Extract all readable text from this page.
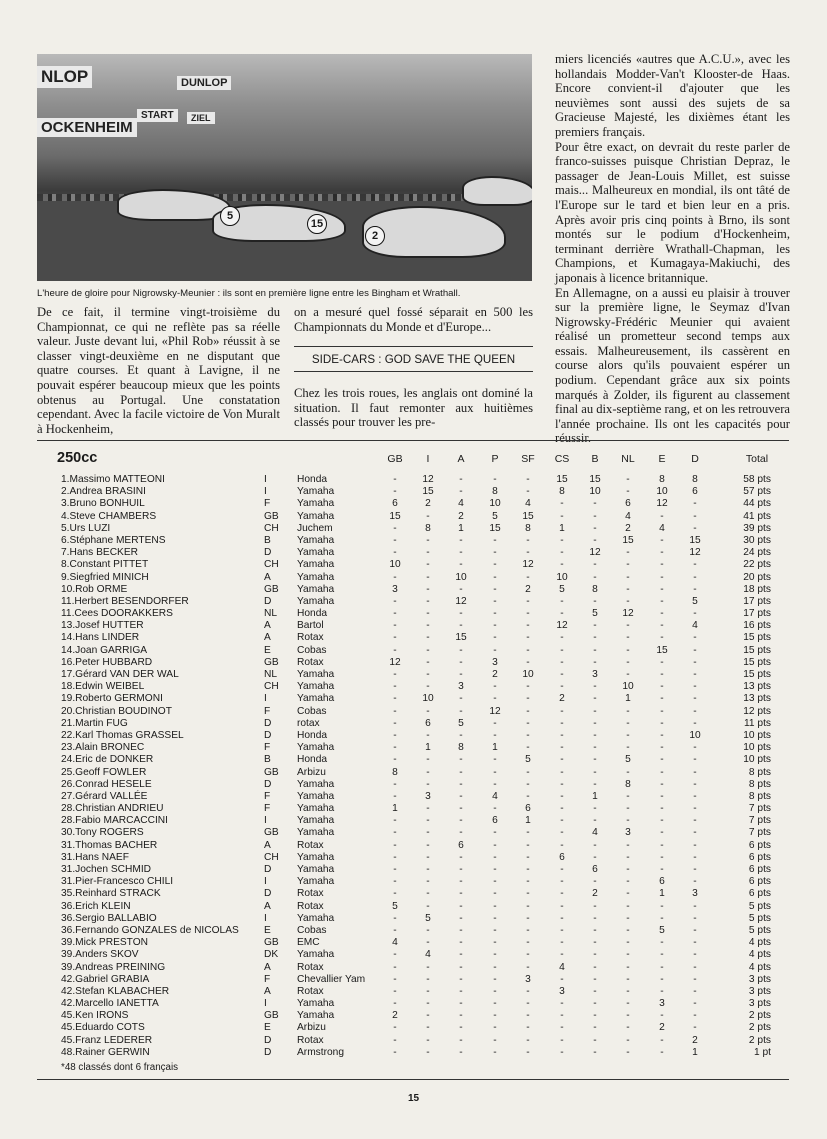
NLOP	DUNLOP
START	ZIEL
OCKENHEIM
5
15
2
L'heure de gloire pour Nigrowsky-Meunier : ils sont en première ligne entre les Bingham et Wrathall.

De ce fait, il termine vingt-troisième du Championnat, ce qui ne reflète pas sa réelle valeur. Juste devant lui, «Phil Rob» réussit à se classer vingt-deuxième en ne disputant que quatre courses. Et quant à Lavigne, il ne pouvait espérer beaucoup mieux que les points obtenus au Portugal. Une constatation cependant. Avec la facile victoire de Von Muralt à Hockenheim,

on a mesuré quel fossé séparait en 500 les Championnats du Monde et d'Europe...

SIDE-CARS : GOD SAVE THE QUEEN

Chez les trois roues, les anglais ont dominé la situation. Il faut remonter aux huitièmes classés pour trouver les pre-

miers licenciés «autres que A.C.U.», avec les hollandais Modder-Van't Klooster-de Haas. Encore convient-il d'ajouter que les neuvièmes sont aussi des sujets de sa Gracieuse Majesté, les dixièmes étant les premiers français.

Pour être exact, on devrait du reste parler de franco-suisses puisque Christian Depraz, le passager de Jean-Louis Millet, est suisse mais... Malheureux en mondial, ils ont tâté de l'Europe sur le tard et bien leur en a pris. Après avoir pris cinq points à Brno, ils sont montés sur le podium d'Hockenheim, terminant derrière Wrathall-Chapman, les Champions, et Kumagaya-Makiuchi, des japonais à licence britannique.

En Allemagne, on a aussi eu plaisir à trouver sur la première ligne, le Seymaz d'Ivan Nigrowsky-Frédéric Meunier qui avaient réalisé un prometteur second temps aux essais. Malheureusement, ils cassèrent en course alors qu'ils pouvaient espérer un podium. Cependant grâce aux six points marqués à Zolder, ils figurent au classement final au dix-septième rang, et on les retrouvera l'année prochaine. Ils ont les capacités pour réussir.

250cc	GB	I	A	P	SF	CS	B	NL	E	D	Total
1.Massimo MATTEONI	I	Honda	-	12	-	-	-	15	15	-	8	8	58 pts
2.Andrea BRASINI	I	Yamaha	-	15	-	8	-	8	10	-	10	6	57 pts
3.Bruno BONHUIL	F	Yamaha	6	2	4	10	4	-	-	6	12	-	44 pts
4.Steve CHAMBERS	GB Yamaha	15	-	2	5	15	-	-	4	-	-	41 pts
5.Urs LUZI	CH Juchem	-	8	1	15	8	1	-	2	4	-	39 pts
6.Stéphane MERTENS	B	Yamaha	-	-	-	-	-	-	-	15	-	15	30 pts
7.Hans BECKER	D	Yamaha	-	-	-	-	-	-	12	-	-	12	24 pts
8.Constant PITTET	CH Yamaha	10	-	-	-	12	-	-	-	-	-	22 pts
9.Siegfried MINICH	A	Yamaha	-	-	10	-	-	10	-	-	-	-	20 pts
10.Rob ORME	GB Yamaha	3	-	-	-	2	5	8	-	-	-	18 pts
11.Herbert BESENDORFER	D	Yamaha	-	-	12	-	-	-	-	-	-	5	17 pts
11.Cees DOORAKKERS	NL Honda	-	-	-	-	-	-	5	12	-	-	17 pts
13.Josef HUTTER	A	Bartol	-	-	-	-	-	12	-	-	-	4	16 pts
14.Hans LINDER	A	Rotax	-	-	15	-	-	-	-	-	-	-	15 pts
14.Joan GARRIGA	E	Cobas	-	-	-	-	-	-	-	-	15	-	15 pts
16.Peter HUBBARD	GB Rotax	12	-	-	3	-	-	-	-	-	-	15 pts
17.Gérard VAN DER WAL	NL Yamaha	-	-	-	2	10	-	3	-	-	-	15 pts
18.Edwin WEIBEL	CH Yamaha	-	-	3	-	-	-	-	10	-	-	13 pts
19.Roberto GERMONI	I	Yamaha	-	10	-	-	-	2	-	1	-	-	13 pts
20.Christian BOUDINOT	F	Cobas	-	-	-	12	-	-	-	-	-	-	12 pts
21.Martin FUG	D	rotax	-	6	5	-	-	-	-	-	-	-	11 pts
22.Karl Thomas GRASSEL	D	Honda	-	-	-	-	-	-	-	-	-	10	10 pts
23.Alain BRONEC	F	Yamaha	-	1	8	1	-	-	-	-	-	-	10 pts
24.Eric de DONKER	B	Honda	-	-	-	-	5	-	-	5	-	-	10 pts
25.Geoff FOWLER	GB Arbizu	8	-	-	-	-	-	-	-	-	-	8 pts
26.Conrad HESELE	D	Yamaha	-	-	-	-	-	-	-	8	-	-	8 pts
27.Gérard VALLÉE	F	Yamaha	-	3	-	4	-	-	1	-	-	-	8 pts
28.Christian ANDRIEU	F	Yamaha	1	-	-	-	6	-	-	-	-	-	7 pts
28.Fabio MARCACCINI	I	Yamaha	-	-	-	6	1	-	-	-	-	-	7 pts
30.Tony ROGERS	GB Yamaha	-	-	-	-	-	-	4	3	-	-	7 pts
31.Thomas BACHER	A	Rotax	-	-	6	-	-	-	-	-	-	-	6 pts
31.Hans NAEF	CH Yamaha	-	-	-	-	-	6	-	-	-	-	6 pts
31.Jochen SCHMID	D	Yamaha	-	-	-	-	-	-	6	-	-	-	6 pts
31.Pier-Francesco CHILI	I	Yamaha	-	-	-	-	-	-	-	-	6	-	6 pts
35.Reinhard STRACK	D	Rotax	-	-	-	-	-	-	2	-	1	3	6 pts
36.Erich KLEIN	A	Rotax	5	-	-	-	-	-	-	-	-	-	5 pts
36.Sergio BALLABIO	I	Yamaha	-	5	-	-	-	-	-	-	-	-	5 pts
36.Fernando GONZALES de NICOLAS E	Cobas	-	-	-	-	-	-	-	-	5	-	5 pts
39.Mick PRESTON	GB EMC	4	-	-	-	-	-	-	-	-	-	4 pts
39.Anders SKOV	DK Yamaha	-	4	-	-	-	-	-	-	-	-	4 pts
39.Andreas PREINING	A	Rotax	-	-	-	-	-	4	-	-	-	-	4 pts
42.Gabriel GRABIA	F	Chevallier Yam	-	-	-	-	3	-	-	-	-	-	3 pts
42.Stefan KLABACHER	A	Rotax	-	-	-	-	-	3	-	-	-	-	3 pts
42.Marcello IANETTA	I	Yamaha	-	-	-	-	-	-	-	-	3	-	3 pts
45.Ken IRONS	GB Yamaha	2	-	-	-	-	-	-	-	-	-	2 pts
45.Eduardo COTS	E	Arbizu	-	-	-	-	-	-	-	-	2	-	2 pts
45.Franz LEDERER	D	Rotax	-	-	-	-	-	-	-	-	-	2	2 pts
48.Rainer GERWIN	D	Armstrong	-	-	-	-	-	-	-	-	-	1	1 pt
*48 classés dont 6 français
15
